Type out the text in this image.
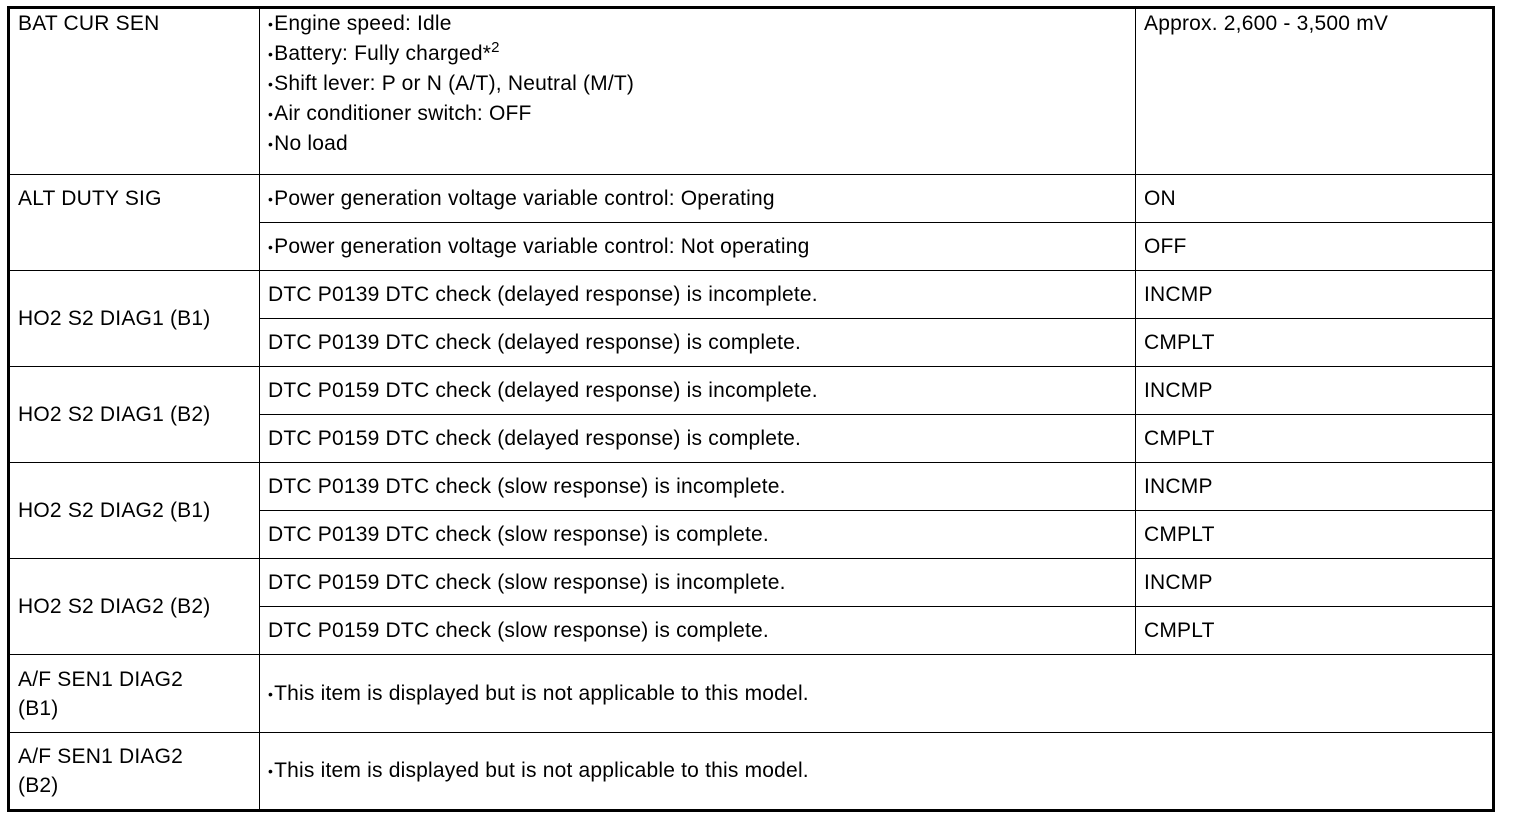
BAT CUR SEN	•Engine speed: Idle
•Battery: Fully charged*$^2$
•Shift lever: P or N (A/T), Neutral (M/T)
•Air conditioner switch: OFF
•No load	Approx. 2,600 - 3,500 mV
ALT DUTY SIG	•Power generation voltage variable control: Operating	ON
	•Power generation voltage variable control: Not operating	OFF
HO2 S2 DIAG1 (B1)	DTC P0139 DTC check (delayed response) is incomplete.	INCMP
	DTC P0139 DTC check (delayed response) is complete.	CMPLT
HO2 S2 DIAG1 (B2)	DTC P0159 DTC check (delayed response) is incomplete.	INCMP
	DTC P0159 DTC check (delayed response) is complete.	CMPLT
HO2 S2 DIAG2 (B1)	DTC P0139 DTC check (slow response) is incomplete.	INCMP
	DTC P0139 DTC check (slow response) is complete.	CMPLT
HO2 S2 DIAG2 (B2)	DTC P0159 DTC check (slow response) is incomplete.	INCMP
	DTC P0159 DTC check (slow response) is complete.	CMPLT

A/F SEN1 DIAG2 (B1)	•This item is displayed but is not applicable to this model.	

A/F SEN1 DIAG2 (B2)	•This item is displayed but is not applicable to this model.	
